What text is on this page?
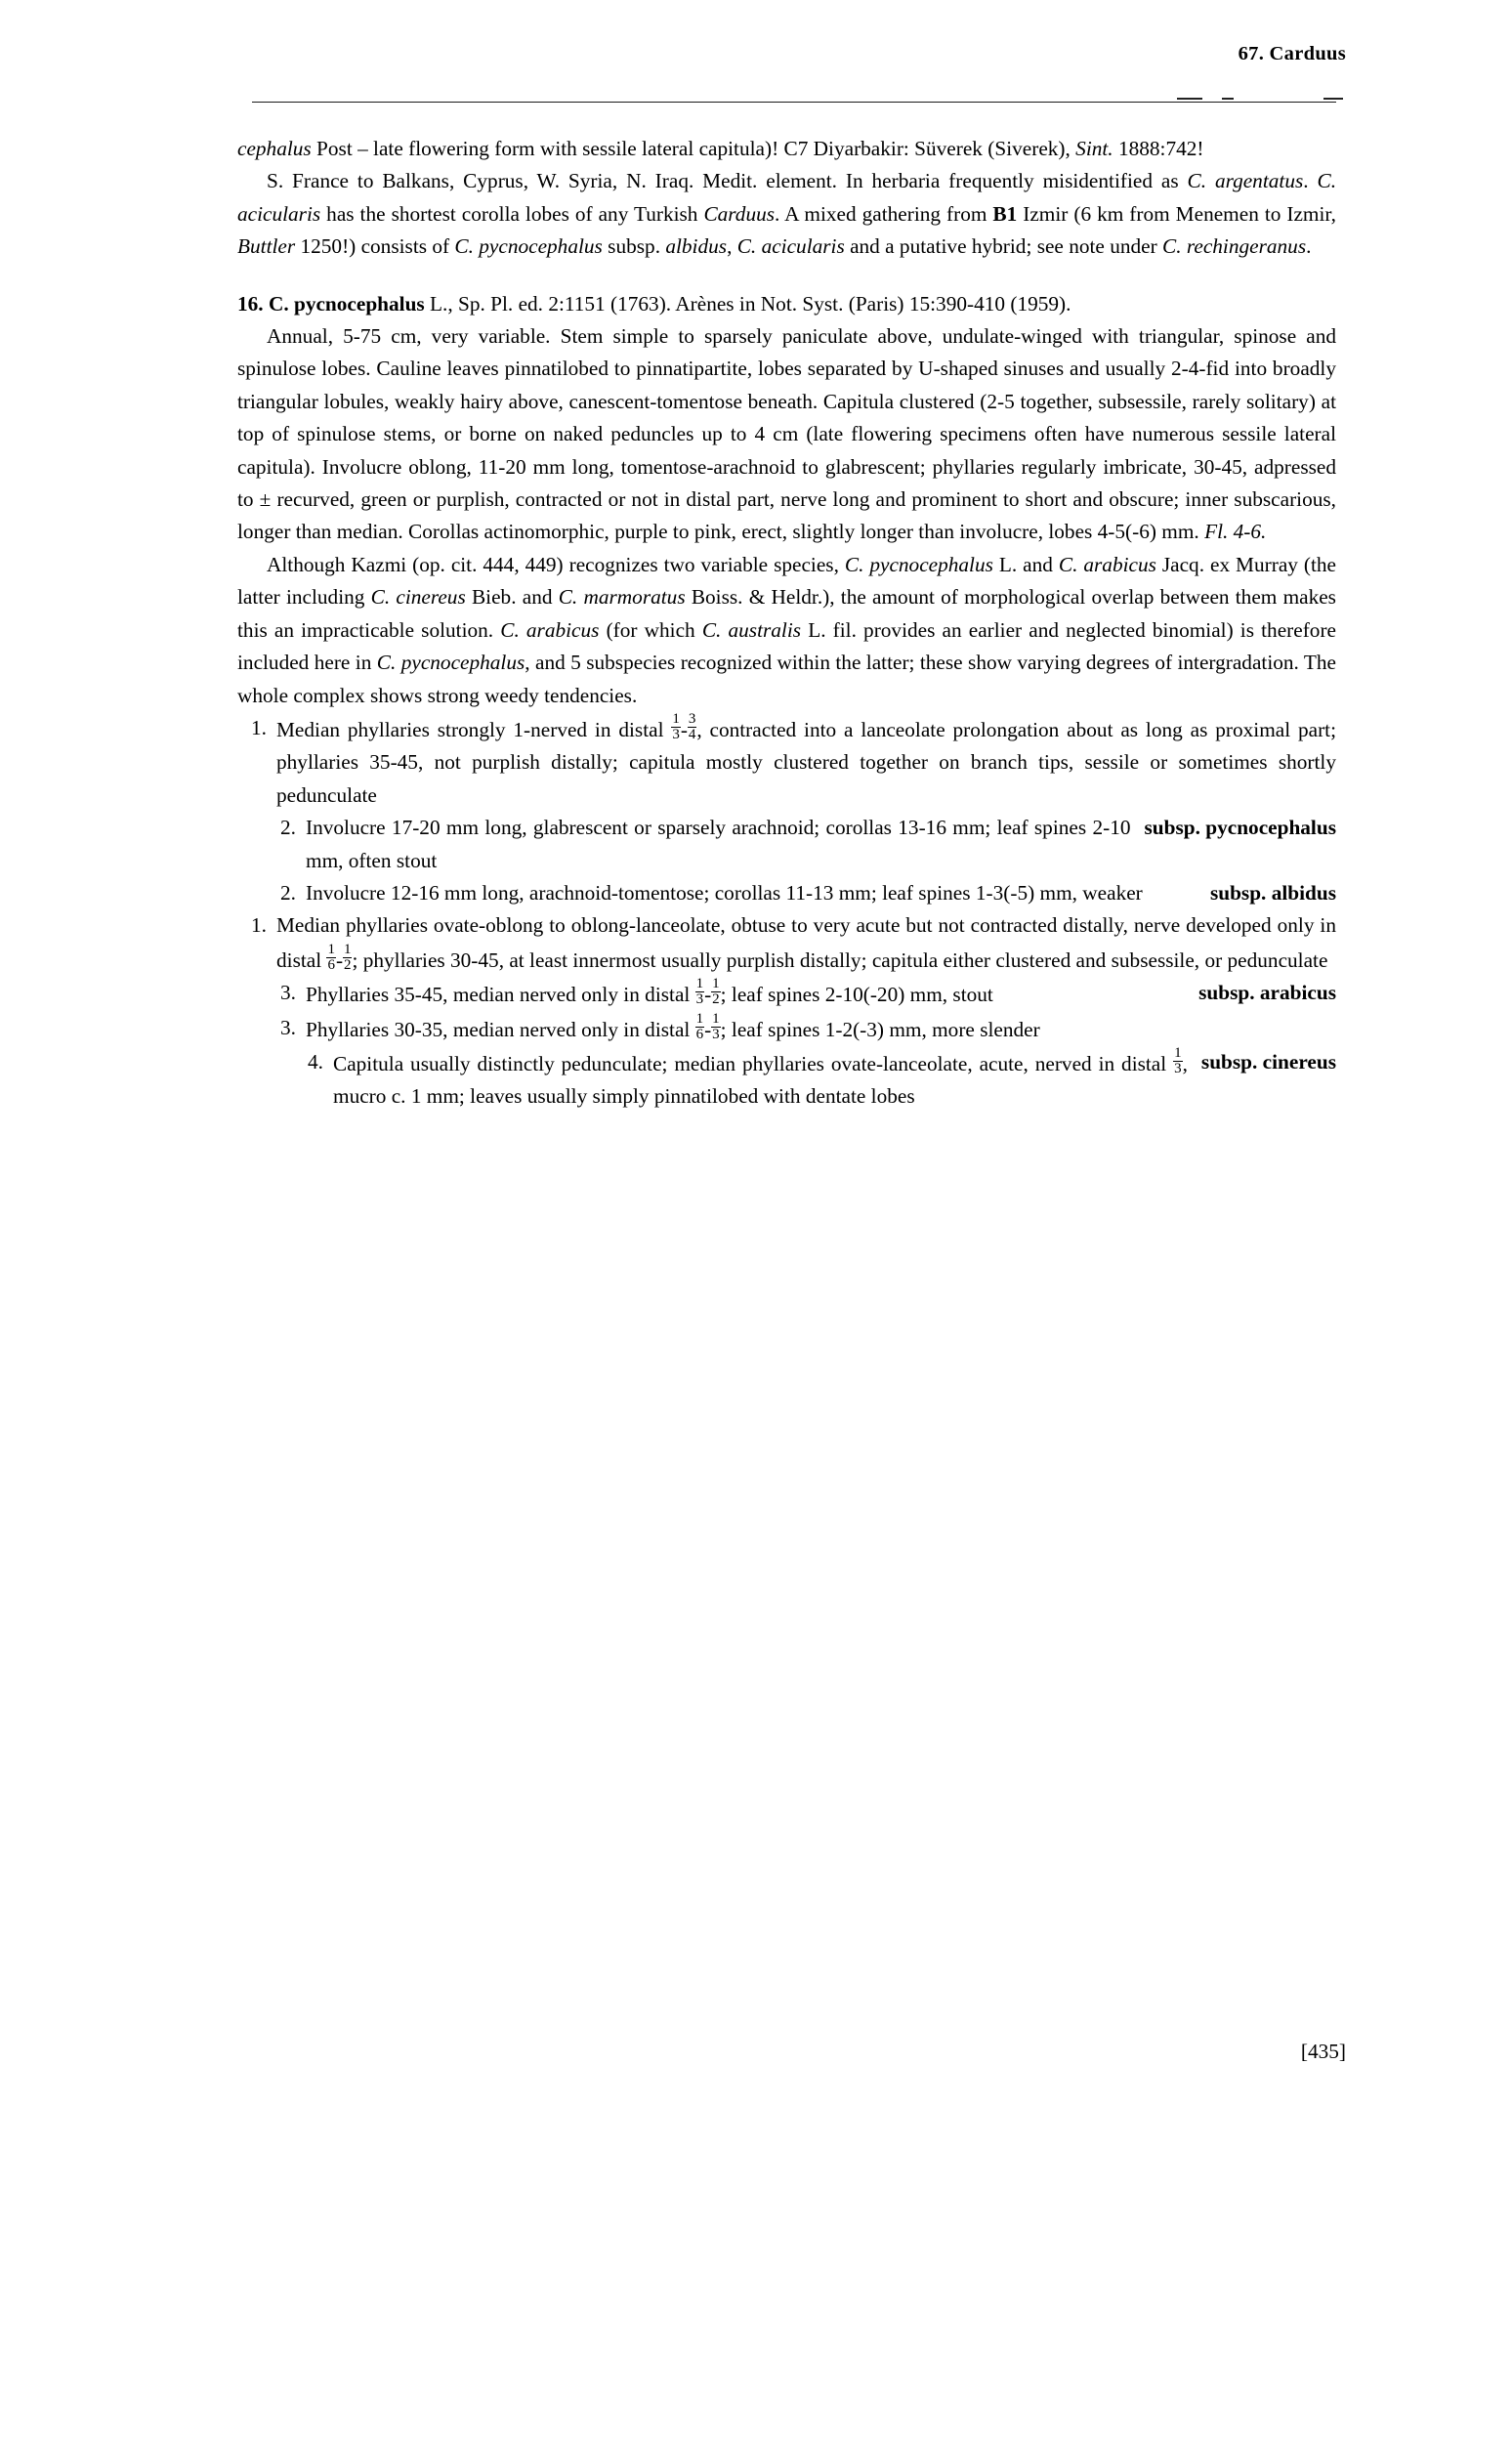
67. Carduus

cephalus Post – late flowering form with sessile lateral capitula)! C7 Diyarbakir: Süverek (Siverek), Sint. 1888:742!

S. France to Balkans, Cyprus, W. Syria, N. Iraq. Medit. element. In herbaria frequently misidentified as C. argentatus. C. acicularis has the shortest corolla lobes of any Turkish Carduus. A mixed gathering from B1 Izmir (6 km from Menemen to Izmir, Buttler 1250!) consists of C. pycnocephalus subsp. albidus, C. acicularis and a putative hybrid; see note under C. rechingeranus.

16. C. pycnocephalus L., Sp. Pl. ed. 2:1151 (1763). Arènes in Not. Syst. (Paris) 15:390-410 (1959).

Annual, 5-75 cm, very variable. Stem simple to sparsely paniculate above, undulate-winged with triangular, spinose and spinulose lobes. Cauline leaves pinnatilobed to pinnatipartite, lobes separated by U-shaped sinuses and usually 2-4-fid into broadly triangular lobules, weakly hairy above, canescent-tomentose beneath. Capitula clustered (2-5 together, subsessile, rarely solitary) at top of spinulose stems, or borne on naked peduncles up to 4 cm (late flowering specimens often have numerous sessile lateral capitula). Involucre oblong, 11-20 mm long, tomentose-arachnoid to glabrescent; phyllaries regularly imbricate, 30-45, adpressed to ± recurved, green or purplish, contracted or not in distal part, nerve long and prominent to short and obscure; inner subscarious, longer than median. Corollas actinomorphic, purple to pink, erect, slightly longer than involucre, lobes 4-5(-6) mm. Fl. 4-6.

Although Kazmi (op. cit. 444, 449) recognizes two variable species, C. pycnocephalus L. and C. arabicus Jacq. ex Murray (the latter including C. cinereus Bieb. and C. marmoratus Boiss. & Heldr.), the amount of morphological overlap between them makes this an impracticable solution. C. arabicus (for which C. australis L. fil. provides an earlier and neglected binomial) is therefore included here in C. pycnocephalus, and 5 subspecies recognized within the latter; these show varying degrees of intergradation. The whole complex shows strong weedy tendencies.

1. Median phyllaries strongly 1-nerved in distal $\frac{1}{3} - \frac{3}{4}$ , contracted into a lanceolate prolongation about as long as proximal part; phyllaries 35-45, not purplish distally; capitula mostly clustered together on branch tips, sessile or sometimes shortly pedunculate
2.	subsp. pycnocephalus
Involucre 17-20 mm long, glabrescent or sparsely arachnoid; corollas 13-16 mm; leaf spines 2-10 mm, often stout
2.	subsp. albidus
Involucre 12-16 mm long, arachnoid-tomentose; corollas 11-13 mm; leaf spines 1-3(-5) mm, weaker
1. Median phyllaries ovate-oblong to oblong-lanceolate, obtuse to very acute but not contracted distally, nerve developed only in distal $\frac{1}{6} - \frac{1}{2}$ ; phyllaries 30-45, at least innermost usually purplish distally; capitula either clustered and subsessile, or pedunculate
3.	subsp. arabicus
Phyllaries 35-45, median nerved only in distal $\frac{1}{3} - \frac{1}{2}$ ; leaf spines 2-10(-20) mm, stout
3. Phyllaries 30-35, median nerved only in distal $\frac{1}{6} - \frac{1}{3}$ ; leaf spines 1-2(-3) mm, more slender
4.	subsp. cinereus
Capitula usually distinctly pedunculate; median phyllaries ovate-lanceolate, acute, nerved in distal $\frac{1}{3}$ , mucro c. 1 mm; leaves usually simply pinnatilobed with dentate lobes
[435]
